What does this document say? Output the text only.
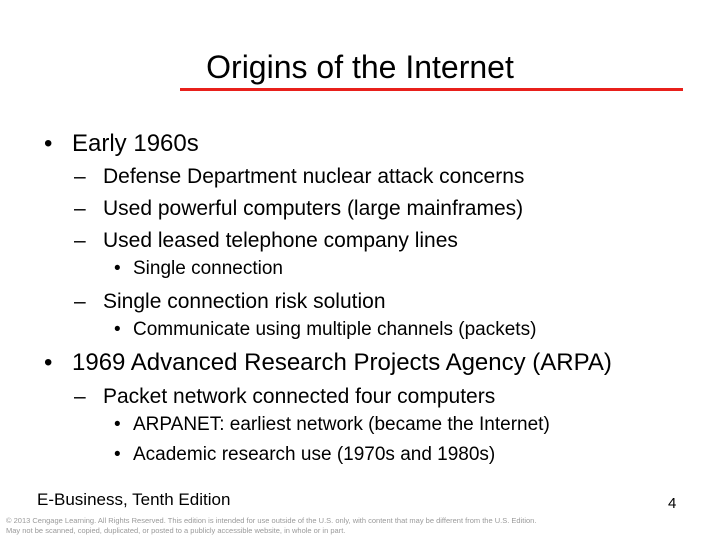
Origins of the Internet
• Early 1960s
– Defense Department nuclear attack concerns
– Used powerful computers (large mainframes)
– Used leased telephone company lines
• Single connection
– Single connection risk solution
• Communicate using multiple channels (packets)
• 1969 Advanced Research Projects Agency (ARPA)
– Packet network connected four computers
• ARPANET: earliest network (became the Internet)
• Academic research use (1970s and 1980s)
E-Business, Tenth Edition	4
© 2013 Cengage Learning. All Rights Reserved. This edition is intended for use outside of the U.S. only, with content that may be different from the U.S. Edition.
May not be scanned, copied, duplicated, or posted to a publicly accessible website, in whole or in part.
